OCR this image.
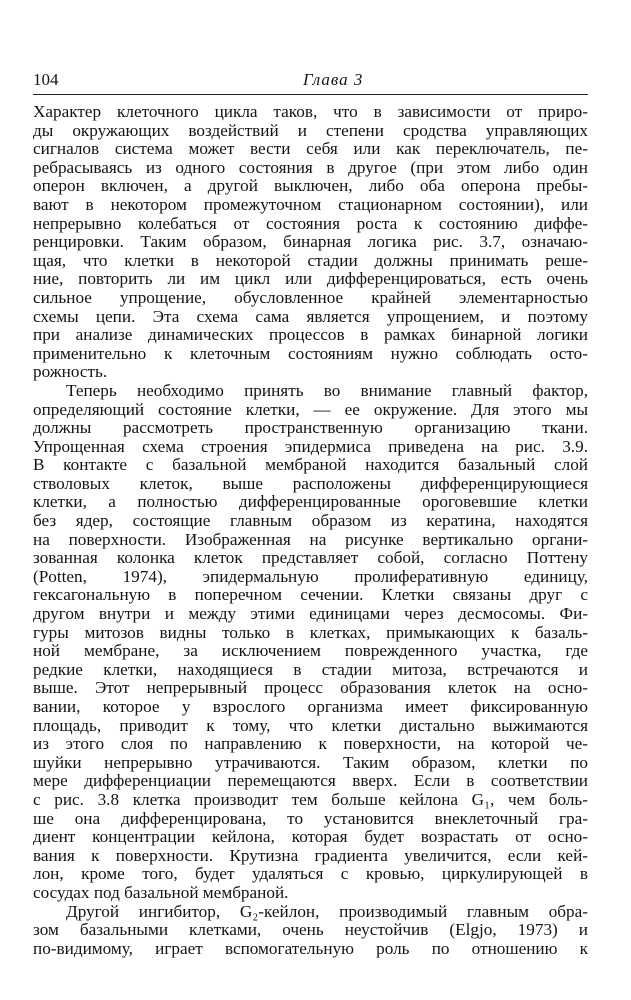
104	Глава 3
Характер клеточного цикла таков, что в зависимости от приро-
ды окружающих воздействий и степени сродства управляющих
сигналов система может вести себя или как переключатель, пе-
ребрасываясь из одного состояния в другое (при этом либо один
оперон включен, а другой выключен, либо оба оперона пребы-
вают в некотором промежуточном стационарном состоянии), или
непрерывно колебаться от состояния роста к состоянию диффе-
ренцировки. Таким образом, бинарная логика рис. 3.7, означаю-
щая, что клетки в некоторой стадии должны принимать реше-
ние, повторить ли им цикл или дифференцироваться, есть очень
сильное упрощение, обусловленное крайней элементарностью
схемы цепи. Эта схема сама является упрощением, и поэтому
при анализе динамических процессов в рамках бинарной логики
применительно к клеточным состояниям нужно соблюдать осто-
рожность.
Теперь необходимо принять во внимание главный фактор,
определяющий состояние клетки, — ее окружение. Для этого мы
должны рассмотреть пространственную организацию ткани.
Упрощенная схема строения эпидермиса приведена на рис. 3.9.
В контакте с базальной мембраной находится базальный слой
стволовых клеток, выше расположены дифференцирующиеся
клетки, а полностью дифференцированные ороговевшие клетки
без ядер, состоящие главным образом из кератина, находятся
на поверхности. Изображенная на рисунке вертикально органи-
зованная колонка клеток представляет собой, согласно Поттену
(Potten, 1974), эпидермальную пролиферативную единицу,
гексагональную в поперечном сечении. Клетки связаны друг с
другом внутри и между этими единицами через десмосомы. Фи-
гуры митозов видны только в клетках, примыкающих к базаль-
ной мембране, за исключением поврежденного участка, где
редкие клетки, находящиеся в стадии митоза, встречаются и
выше. Этот непрерывный процесс образования клеток на осно-
вании, которое у взрослого организма имеет фиксированную
площадь, приводит к тому, что клетки дистально выжимаются
из этого слоя по направлению к поверхности, на которой че-
шуйки непрерывно утрачиваются. Таким образом, клетки по
мере дифференциации перемещаются вверх. Если в соответствии
с рис. 3.8 клетка производит тем больше кейлона G₁, чем боль-
ше она дифференцирована, то установится внеклеточный гра-
диент концентрации кейлона, которая будет возрастать от осно-
вания к поверхности. Крутизна градиента увеличится, если кей-
лон, кроме того, будет удаляться с кровью, циркулирующей в
сосудах под базальной мембраной.
Другой ингибитор, G₂-кейлон, производимый главным обра-
зом базальными клетками, очень неустойчив (Elgjo, 1973) и
по-видимому, играет вспомогательную роль по отношению к
